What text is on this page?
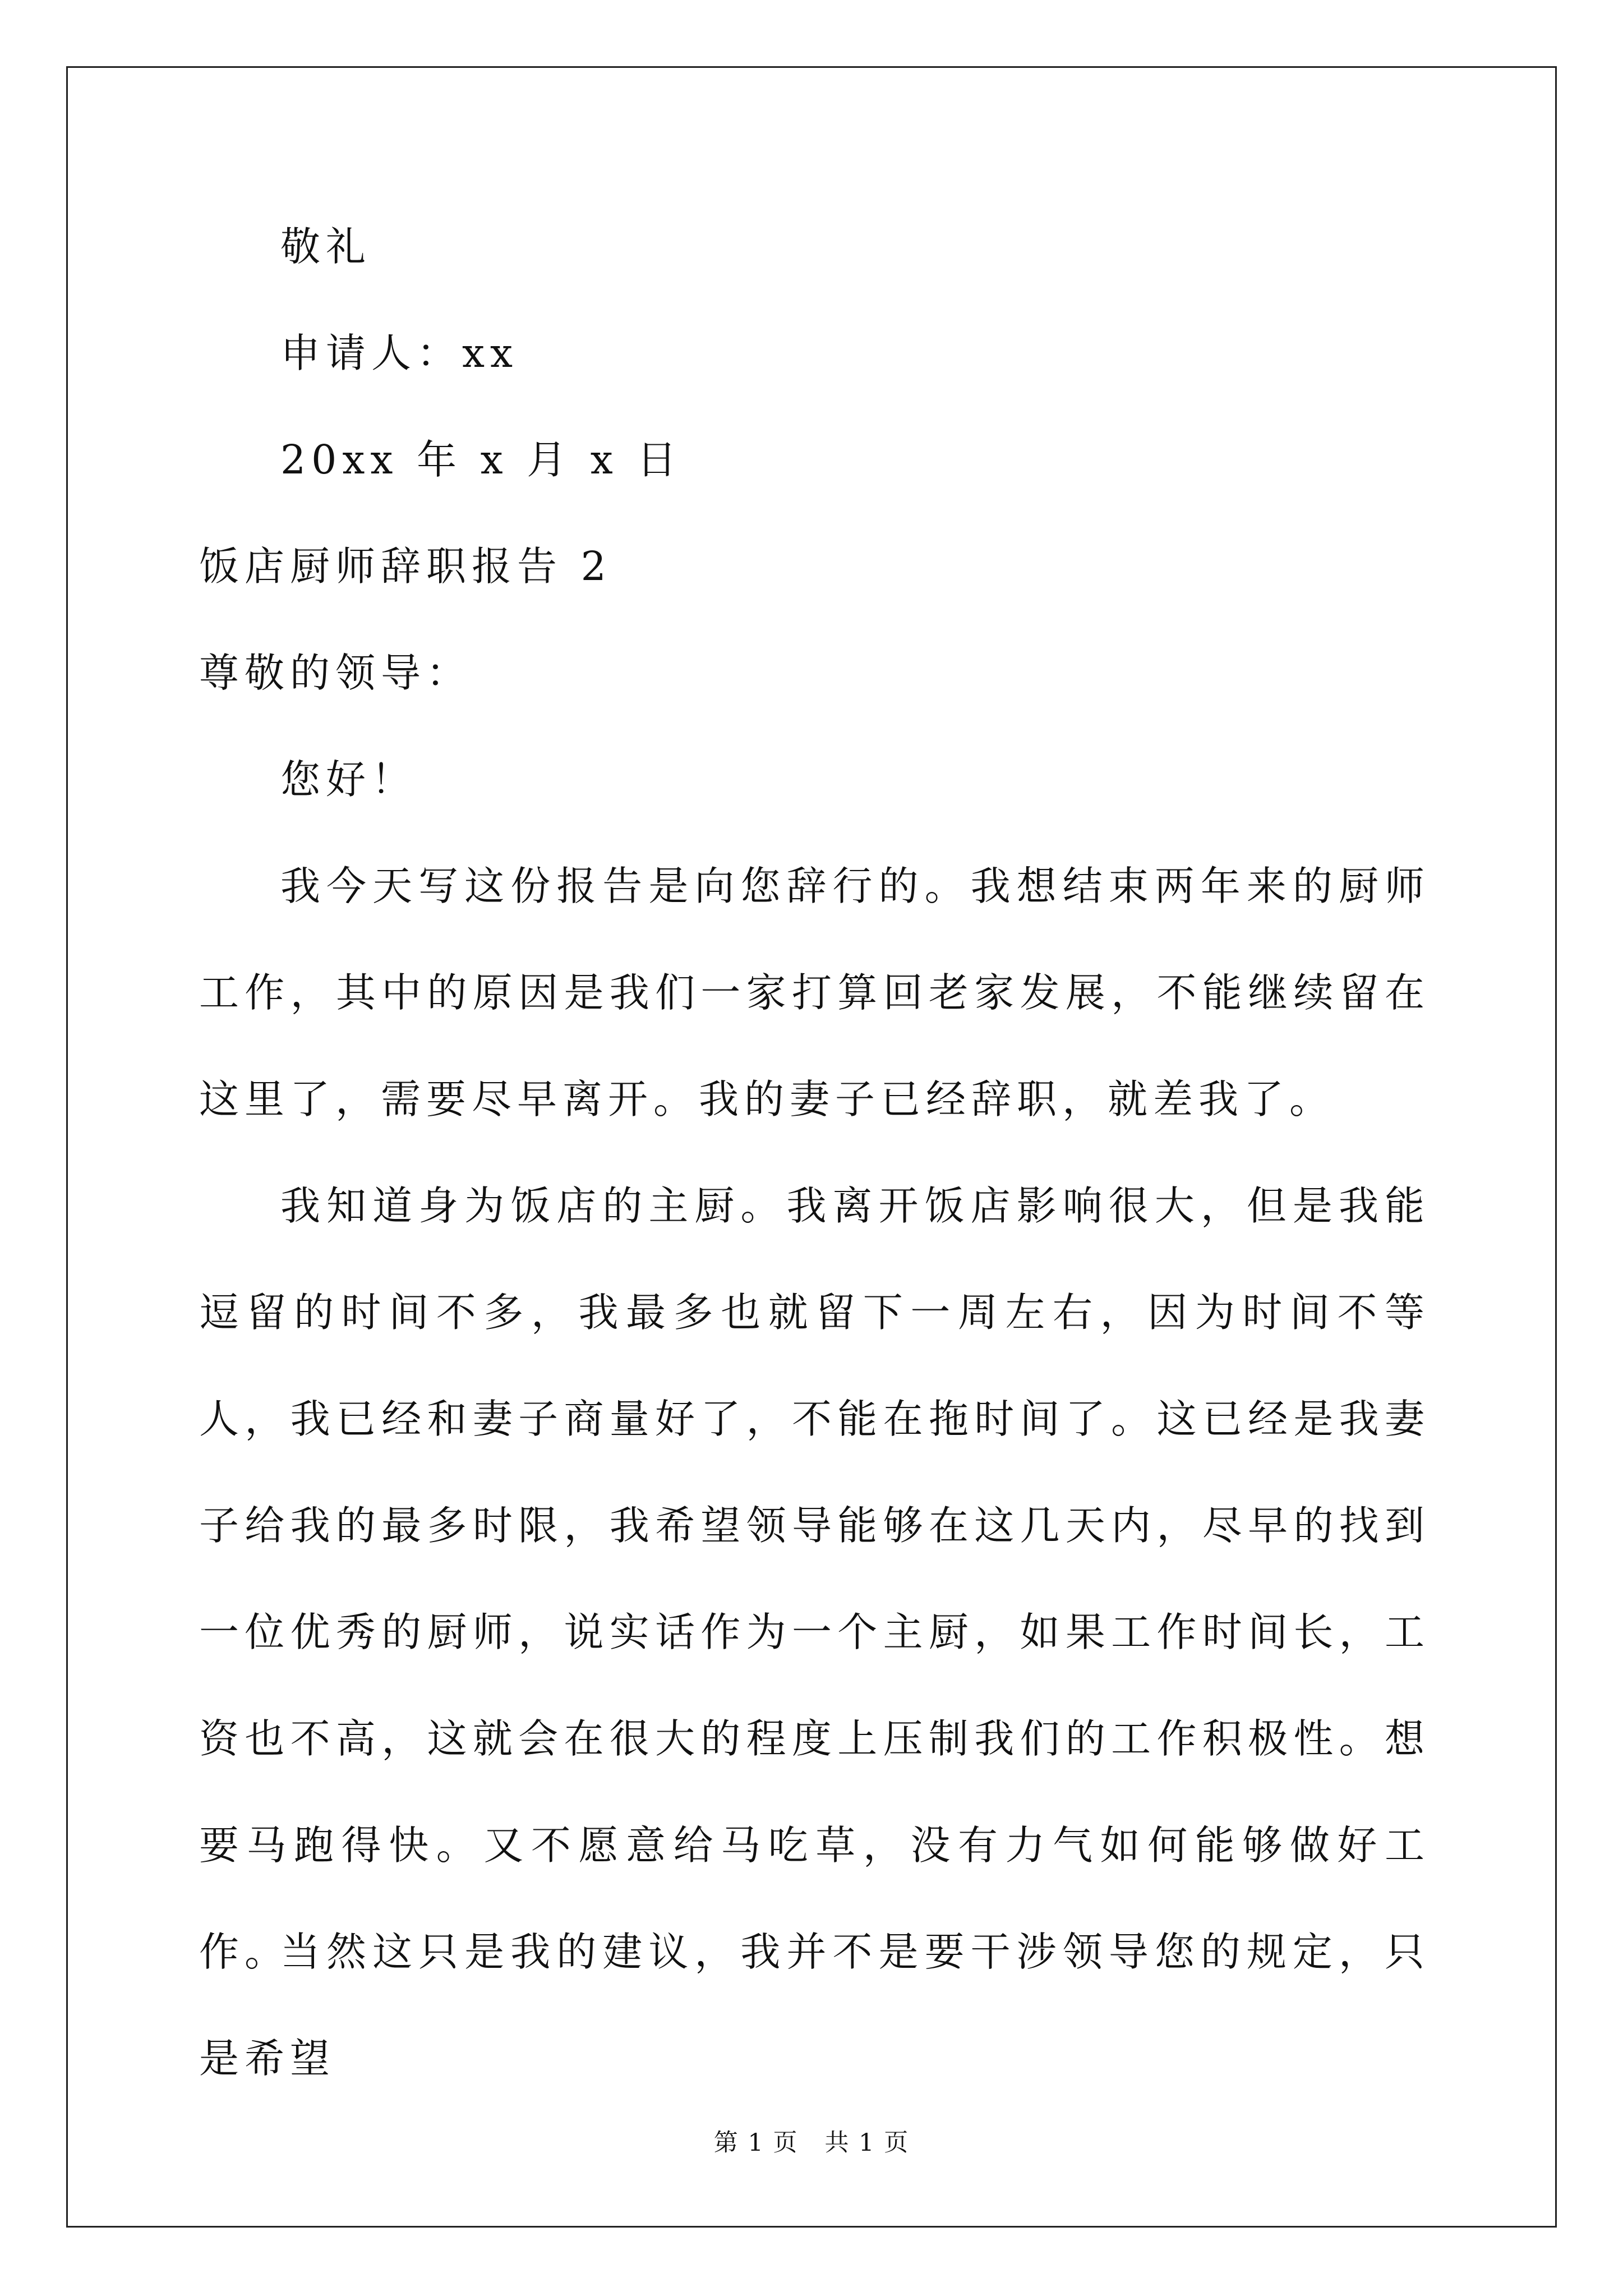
敬礼
申请人：xx
20xx 年 x 月 x 日
饭店厨师辞职报告 2
尊敬的领导：
您好！
我今天写这份报告是向您辞行的。我想结束两年来的厨师工作，其中的原因是我们一家打算回老家发展，不能继续留在这里了，需要尽早离开。我的妻子已经辞职，就差我了。
我知道身为饭店的主厨。我离开饭店影响很大，但是我能逗留的时间不多，我最多也就留下一周左右，因为时间不等人，我已经和妻子商量好了，不能在拖时间了。这已经是我妻子给我的最多时限，我希望领导能够在这几天内，尽早的找到一位优秀的厨师，说实话作为一个主厨，如果工作时间长，工资也不高，这就会在很大的程度上压制我们的工作积极性。想要马跑得快。又不愿意给马吃草，没有力气如何能够做好工作。
当然这只是我的建议，我并不是要干涉领导您的规定，只是希望
第 1 页 共 1 页
